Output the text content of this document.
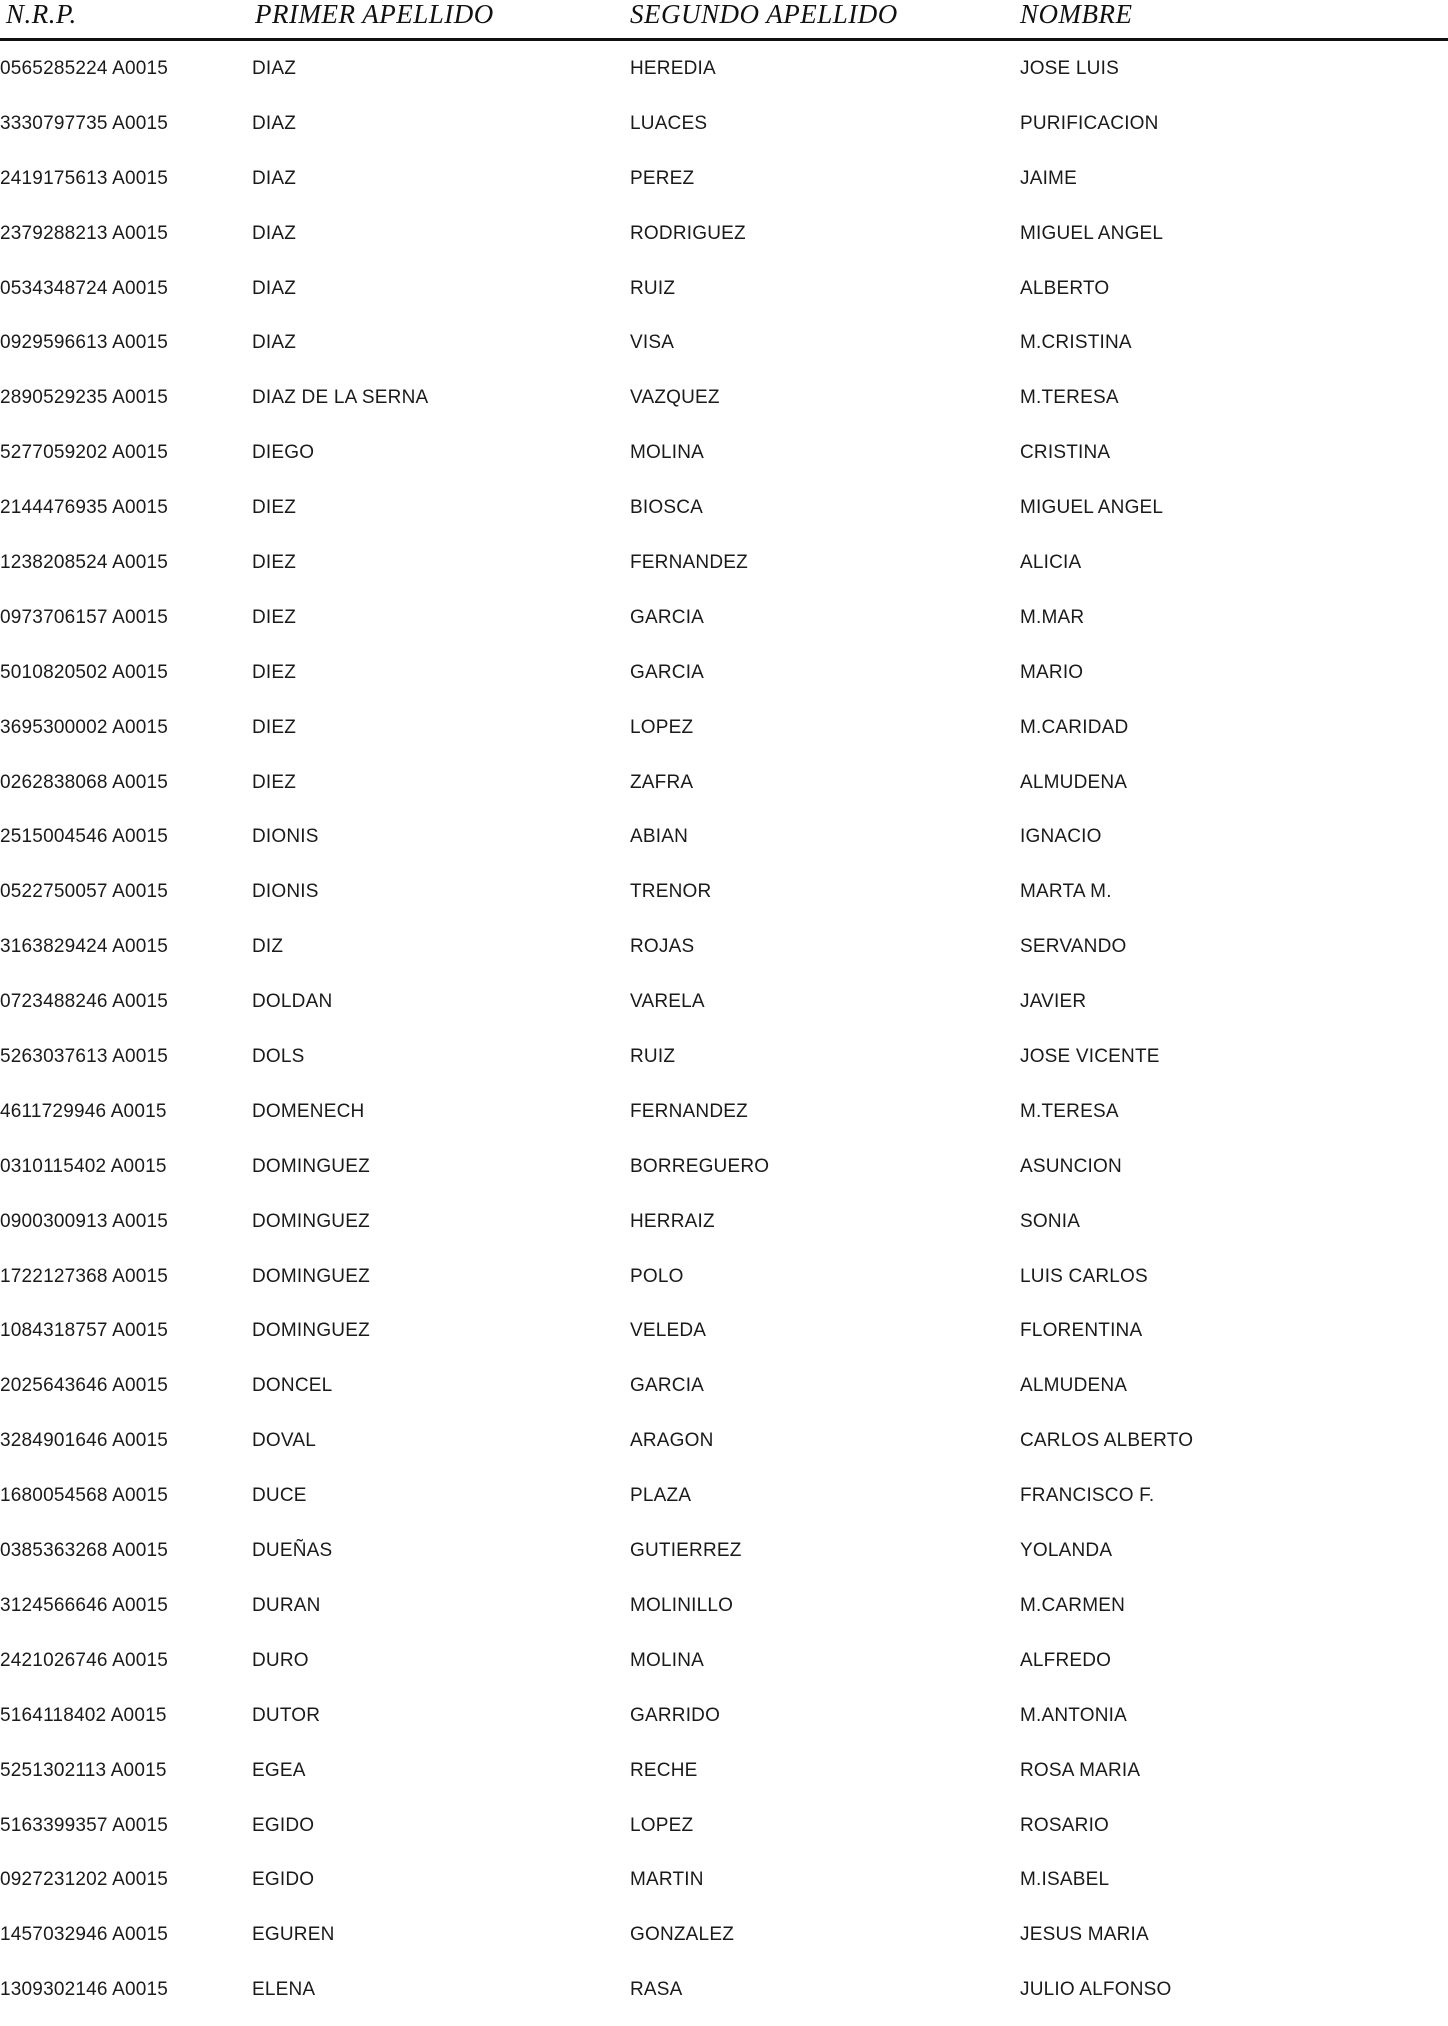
N.R.P.	PRIMER APELLIDO	SEGUNDO APELLIDO	NOMBRE
0565285224 A0015	DIAZ	HEREDIA	JOSE LUIS
3330797735 A0015	DIAZ	LUACES	PURIFICACION
2419175613 A0015	DIAZ	PEREZ	JAIME
2379288213 A0015	DIAZ	RODRIGUEZ	MIGUEL ANGEL
0534348724 A0015	DIAZ	RUIZ	ALBERTO
0929596613 A0015	DIAZ	VISA	M.CRISTINA
2890529235 A0015	DIAZ DE LA SERNA	VAZQUEZ	M.TERESA
5277059202 A0015	DIEGO	MOLINA	CRISTINA
2144476935 A0015	DIEZ	BIOSCA	MIGUEL ANGEL
1238208524 A0015	DIEZ	FERNANDEZ	ALICIA
0973706157 A0015	DIEZ	GARCIA	M.MAR
5010820502 A0015	DIEZ	GARCIA	MARIO
3695300002 A0015	DIEZ	LOPEZ	M.CARIDAD
0262838068 A0015	DIEZ	ZAFRA	ALMUDENA
2515004546 A0015	DIONIS	ABIAN	IGNACIO
0522750057 A0015	DIONIS	TRENOR	MARTA M.
3163829424 A0015	DIZ	ROJAS	SERVANDO
0723488246 A0015	DOLDAN	VARELA	JAVIER
5263037613 A0015	DOLS	RUIZ	JOSE VICENTE
4611729946 A0015	DOMENECH	FERNANDEZ	M.TERESA
0310115402 A0015	DOMINGUEZ	BORREGUERO	ASUNCION
0900300913 A0015	DOMINGUEZ	HERRAIZ	SONIA
1722127368 A0015	DOMINGUEZ	POLO	LUIS CARLOS
1084318757 A0015	DOMINGUEZ	VELEDA	FLORENTINA
2025643646 A0015	DONCEL	GARCIA	ALMUDENA
3284901646 A0015	DOVAL	ARAGON	CARLOS ALBERTO
1680054568 A0015	DUCE	PLAZA	FRANCISCO F.
0385363268 A0015	DUEÑAS	GUTIERREZ	YOLANDA
3124566646 A0015	DURAN	MOLINILLO	M.CARMEN
2421026746 A0015	DURO	MOLINA	ALFREDO
5164118402 A0015	DUTOR	GARRIDO	M.ANTONIA
5251302113 A0015	EGEA	RECHE	ROSA MARIA
5163399357 A0015	EGIDO	LOPEZ	ROSARIO
0927231202 A0015	EGIDO	MARTIN	M.ISABEL
1457032946 A0015	EGUREN	GONZALEZ	JESUS MARIA
1309302146 A0015	ELENA	RASA	JULIO ALFONSO
